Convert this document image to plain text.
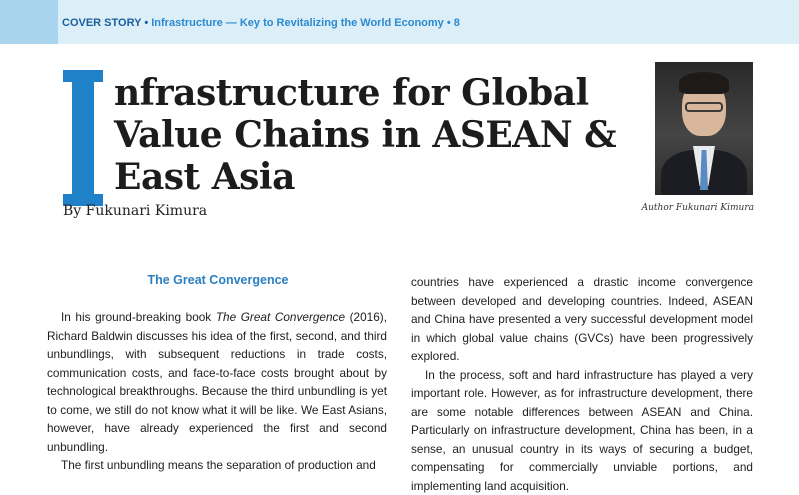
COVER STORY • Infrastructure — Key to Revitalizing the World Economy • 8
nfrastructure for Global
Value Chains in ASEAN &
East Asia
By Fukunari Kimura	Author Fukunari Kimura
The Great Convergence

In his ground-breaking book The Great Convergence (2016), Richard Baldwin discusses his idea of the first, second, and third unbundlings, with subsequent reductions in trade costs, communication costs, and face-to-face costs brought about by technological breakthroughs. Because the third unbundling is yet to come, we still do not know what it will be like. We East Asians, however, have already experienced the first and second unbundling.

The first unbundling means the separation of production and

countries have experienced a drastic income convergence between developed and developing countries. Indeed, ASEAN and China have presented a very successful development model in which global value chains (GVCs) have been progressively explored.

In the process, soft and hard infrastructure has played a very important role. However, as for infrastructure development, there are some notable differences between ASEAN and China. Particularly on infrastructure development, China has been, in a sense, an unusual country in its ways of securing a budget, compensating for commercially unviable portions, and implementing land acquisition.
